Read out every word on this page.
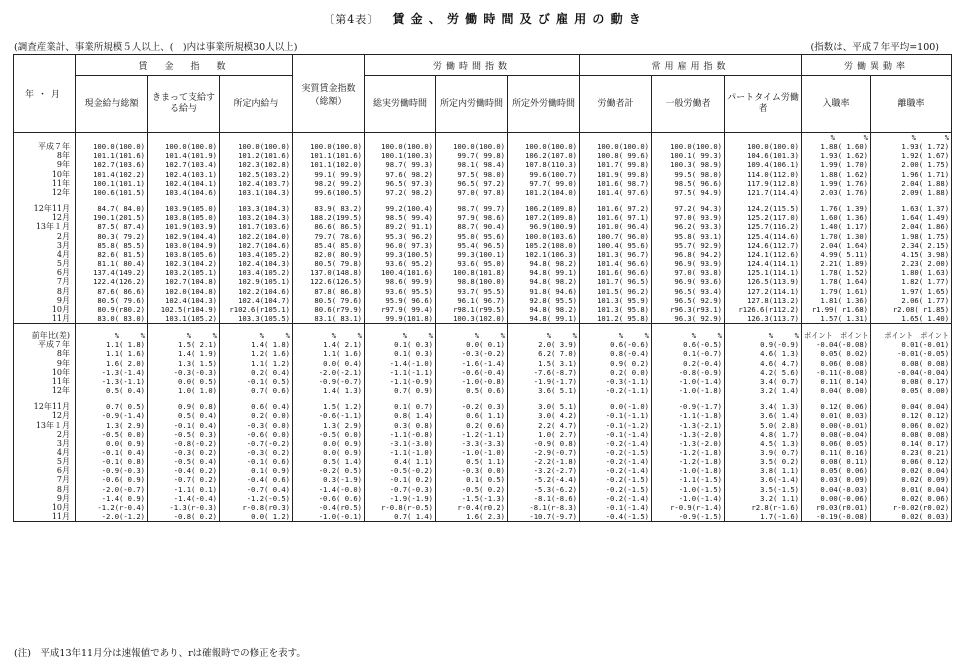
〔第4表〕 賃 金 、 労 働 時 間 及 び 雇 用 の 動 き
(調査産業計、事業所規模５人以上、(　)内は事業所規模30人以上)	(指数は、平成７年平均=100)
年・月	賃　金　指　数			実質賃金指数（総額）	労働時間指数			常用雇用指数			労働異動率	
	現金給与総額	きまって支給する給与	所定内給与		総実労働時間	所定内労働時間	所定外労働時間	労働者計	一般労働者	パートタイム労働者	入職率	離職率
											%　　　　%	%　　　　%
平成７年	100.0(100.0)	100.0(100.0)	100.0(100.0)	100.0(100.0)	100.0(100.0)	100.0(100.0)	100.0(100.0)	100.0(100.0)	100.0(100.0)	100.0(100.0)	1.88( 1.60)	1.93( 1.72)
8年	101.1(101.6)	101.4(101.9)	101.2(101.6)	101.1(101.6)	100.1(100.3)	99.7( 99.8)	106.2(107.0)	100.8( 99.6)	100.1( 99.3)	104.6(101.3)	1.93( 1.62)	1.92( 1.67)
9年	102.7(103.6)	102.7(103.4)	102.3(102.8)	101.1(102.0)	98.7( 99.3)	98.1( 98.4)	107.8(110.3)	101.7( 99.8)	100.3( 98.9)	109.4(106.1)	1.99( 1.70)	2.00( 1.75)
10年	101.4(102.2)	102.4(103.1)	102.5(103.2)	99.1( 99.9)	97.6( 98.2)	97.5( 98.0)	99.6(100.7)	101.9( 99.8)	99.5( 98.0)	114.0(112.0)	1.88( 1.62)	1.96( 1.71)
11年	100.1(101.1)	102.4(104.1)	102.4(103.7)	98.2( 99.2)	96.5( 97.3)	96.5( 97.2)	97.7( 99.0)	101.6( 98.7)	98.5( 96.6)	117.9(112.8)	1.99( 1.76)	2.04( 1.88)
12年	100.6(101.5)	103.4(104.6)	103.1(104.3)	99.6(100.5)	97.2( 98.2)	97.0( 97.8)	101.2(104.0)	101.4( 97.6)	97.5( 94.9)	121.7(114.4)	2.03( 1.76)	2.09( 1.88)

12年11月	84.7( 84.0)	103.9(105.0)	103.3(104.3)	83.9( 83.2)	99.2(100.4)	98.7( 99.7)	106.2(109.8)	101.6( 97.2)	97.2( 94.3)	124.2(115.5)	1.76( 1.39)	1.63( 1.37)
12月	190.1(201.5)	103.8(105.0)	103.2(104.3)	188.2(199.5)	98.5( 99.4)	97.9( 98.6)	107.2(109.8)	101.6( 97.1)	97.0( 93.9)	125.2(117.0)	1.60( 1.36)	1.64( 1.49)
13年１月	87.5( 87.4)	101.9(103.9)	101.7(103.6)	86.6( 86.5)	89.2( 91.1)	88.7( 90.4)	96.9(100.9)	101.0( 96.4)	96.2( 93.3)	125.7(116.2)	1.40( 1.17)	2.04( 1.86)
2月	80.3( 79.2)	102.9(104.4)	102.2(104.0)	79.7( 78.6)	95.3( 96.2)	95.0( 95.6)	100.0(103.6)	100.7( 96.0)	95.8( 93.1)	125.4(114.6)	1.70( 1.30)	1.98( 1.75)
3月	85.8( 85.5)	103.0(104.9)	102.7(104.6)	85.4( 85.0)	96.0( 97.3)	95.4( 96.5)	105.2(108.0)	100.4( 95.6)	95.7( 92.9)	124.6(112.7)	2.04( 1.64)	2.34( 2.15)
4月	82.6( 81.5)	103.8(105.6)	103.4(105.2)	82.0( 80.9)	99.3(100.5)	99.3(100.1)	102.1(106.3)	101.3( 96.7)	96.8( 94.2)	124.1(112.6)	4.99( 5.11)	4.15( 3.98)
5月	81.1( 80.4)	102.3(104.2)	102.4(104.3)	80.5( 79.8)	93.6( 95.2)	93.6( 95.0)	94.8( 98.2)	101.4( 96.6)	96.9( 93.9)	124.4(114.1)	2.21( 1.89)	2.23( 2.00)
6月	137.4(149.2)	103.2(105.1)	103.4(105.2)	137.0(148.8)	100.4(101.6)	100.8(101.8)	94.8( 99.1)	101.6( 96.6)	97.0( 93.8)	125.1(114.1)	1.78( 1.52)	1.80( 1.63)
7月	122.4(126.2)	102.7(104.8)	102.9(105.1)	122.6(126.5)	98.6( 99.9)	98.8(100.0)	94.8( 98.2)	101.7( 96.5)	96.9( 93.6)	126.5(113.9)	1.78( 1.64)	1.82( 1.77)
8月	87.6( 86.6)	102.0(104.8)	102.2(104.6)	87.8( 86.8)	93.6( 95.5)	93.7( 95.5)	91.8( 94.6)	101.5( 96.2)	96.5( 93.4)	127.2(114.1)	1.79( 1.61)	1.97( 1.65)
9月	80.5( 79.6)	102.4(104.3)	102.4(104.7)	80.5( 79.6)	95.9( 96.6)	96.1( 96.7)	92.8( 95.5)	101.3( 95.9)	96.5( 92.9)	127.8(113.2)	1.81( 1.36)	2.06( 1.77)
10月	80.9(r80.2)	102.5(r104.9)	r102.6(r105.1)	80.6(r79.9)	r97.9( 99.4)	r98.1(r99.5)	94.8( 98.2)	101.3( 95.8)	r96.3(r93.1)	r126.6(r112.2)	r1.99( r1.68)	r2.08( r1.85)
11月	83.0( 83.0)	103.1(105.2)	103.3(105.5)	83.1( 83.1)	99.9(101.8)	100.3(102.0)	94.8( 99.1)	101.2( 95.8)	96.3( 92.9)	126.3(113.7)	1.57( 1.31)	1.65( 1.40)

前年比(差)	%　　　%	%　　　%	%　　　%	%　　　%	%　　　%	%　　　%	%　　　%	%　　　%	%　　　%	%　　　%	ポイント　ポイント	ポイント　ポイント
平成７年	1.1( 1.8)	1.5( 2.1)	1.4( 1.8)	1.4( 2.1)	0.1( 0.3)	0.0( 0.1)	2.0( 3.9)	0.6(-0.6)	0.6(-0.5)	0.9(-0.9)	-0.04(-0.08)	0.01(-0.01)
8年	1.1( 1.6)	1.4( 1.9)	1.2( 1.6)	1.1( 1.6)	0.1( 0.3)	-0.3(-0.2)	6.2( 7.0)	0.8(-0.4)	0.1(-0.7)	4.6( 1.3)	0.05( 0.02)	-0.01(-0.05)
9年	1.6( 2.0)	1.3( 1.5)	1.1( 1.2)	0.0( 0.4)	-1.4(-1.0)	-1.6(-1.4)	1.5( 3.1)	0.9( 0.2)	0.2(-0.4)	4.6( 4.7)	0.06( 0.08)	0.08( 0.08)
10年	-1.3(-1.4)	-0.3(-0.3)	0.2( 0.4)	-2.0(-2.1)	-1.1(-1.1)	-0.6(-0.4)	-7.6(-8.7)	0.2( 0.0)	-0.8(-0.9)	4.2( 5.6)	-0.11(-0.08)	-0.04(-0.04)
11年	-1.3(-1.1)	0.0( 0.5)	-0.1( 0.5)	-0.9(-0.7)	-1.1(-0.9)	-1.0(-0.8)	-1.9(-1.7)	-0.3(-1.1)	-1.0(-1.4)	3.4( 0.7)	0.11( 0.14)	0.08( 0.17)
12年	0.5( 0.4)	1.0( 1.0)	0.7( 0.6)	1.4( 1.3)	0.7( 0.9)	0.5( 0.6)	3.6( 5.1)	-0.2(-1.1)	-1.0(-1.8)	3.2( 1.4)	0.04( 0.00)	0.05( 0.00)

12年11月	0.7( 0.5)	0.9( 0.8)	0.6( 0.4)	1.5( 1.2)	0.1( 0.7)	-0.2( 0.3)	3.0( 5.1)	0.0(-1.0)	-0.9(-1.7)	3.4( 1.3)	0.12( 0.06)	0.04( 0.04)
12月	-0.9(-1.4)	0.5( 0.4)	0.2( 0.0)	-0.6(-1.1)	0.8( 1.4)	0.6( 1.1)	3.0( 4.2)	-0.1(-1.1)	-1.1(-1.8)	3.6( 1.4)	0.01( 0.03)	0.12( 0.12)
13年１月	1.3( 2.9)	-0.1( 0.4)	-0.3( 0.0)	1.3( 2.9)	0.3( 0.8)	0.2( 0.6)	2.2( 4.7)	-0.1(-1.2)	-1.3(-2.1)	5.0( 2.8)	0.00(-0.01)	0.06( 0.02)
2月	-0.5( 0.0)	-0.5( 0.3)	-0.6( 0.0)	-0.5( 0.0)	-1.1(-0.8)	-1.2(-1.1)	1.0( 2.7)	-0.1(-1.4)	-1.3(-2.0)	4.8( 1.7)	0.08(-0.04)	0.08( 0.08)
3月	0.0( 0.9)	-0.8(-0.2)	-0.7(-0.2)	0.0( 0.9)	-3.1(-3.0)	-3.3(-3.3)	-0.9( 0.8)	-0.2(-1.4)	-1.3(-2.0)	4.5( 1.3)	0.06( 0.05)	0.14( 0.17)
4月	-0.1( 0.4)	-0.3( 0.2)	-0.3( 0.2)	0.0( 0.9)	-1.1(-1.0)	-1.0(-1.0)	-2.9(-0.7)	-0.2(-1.5)	-1.2(-1.8)	3.9( 0.7)	0.11( 0.16)	0.23( 0.21)
5月	-0.1( 0.8)	-0.5( 0.4)	-0.1( 0.6)	0.5( 1.4)	0.4( 1.1)	0.5( 1.1)	-2.2(-1.8)	-0.2(-1.4)	-1.2(-1.8)	3.5( 0.2)	0.08( 0.11)	0.06( 0.12)
6月	-0.9(-0.3)	-0.4( 0.2)	0.1( 0.9)	-0.2( 0.5)	-0.5(-0.2)	-0.3( 0.0)	-3.2(-2.7)	-0.2(-1.4)	-1.0(-1.8)	3.8( 1.1)	0.05( 0.06)	0.02( 0.04)
7月	-0.6( 0.9)	-0.7( 0.2)	-0.4( 0.6)	0.3(-1.9)	-0.1( 0.2)	0.1( 0.5)	-5.2(-4.4)	-0.2(-1.5)	-1.1(-1.5)	3.6(-1.4)	0.03( 0.09)	0.02( 0.09)
8月	-2.0(-0.7)	-1.1( 0.1)	-0.7( 0.4)	-1.4(-0.0)	-0.7(-0.3)	-0.5( 0.2)	-5.3(-6.2)	-0.2(-1.5)	-1.0(-1.5)	3.5(-1.5)	0.04(-0.03)	0.01( 0.04)
9月	-1.4( 0.9)	-1.4(-0.4)	-1.2(-0.5)	-0.6( 0.6)	-1.9(-1.9)	-1.5(-1.3)	-8.1(-8.6)	-0.2(-1.4)	-1.0(-1.4)	3.2( 1.1)	0.00(-0.06)	0.02( 0.06)
10月	-1.2(r-0.4)	-1.3(r-0.3)	r-0.8(r0.3)	-0.4(r0.5)	r-0.8(r-0.5)	r-0.4(r0.2)	-8.1(r-8.3)	-0.1(-1.4)	r-0.9(r-1.4)	r2.8(r-1.6)	r0.03(r0.01)	r-0.02(r0.02)
11月	-2.0(-1.2)	-0.8( 0.2)	0.0( 1.2)	-1.0(-0.1)	0.7( 1.4)	1.6( 2.3)	-10.7(-9.7)	-0.4(-1.5)	-0.9(-1.5)	1.7(-1.6)	-0.19(-0.08)	0.02( 0.03)
(注)　平成13年11月分は速報値であり、rは確報時での修正を表す。
